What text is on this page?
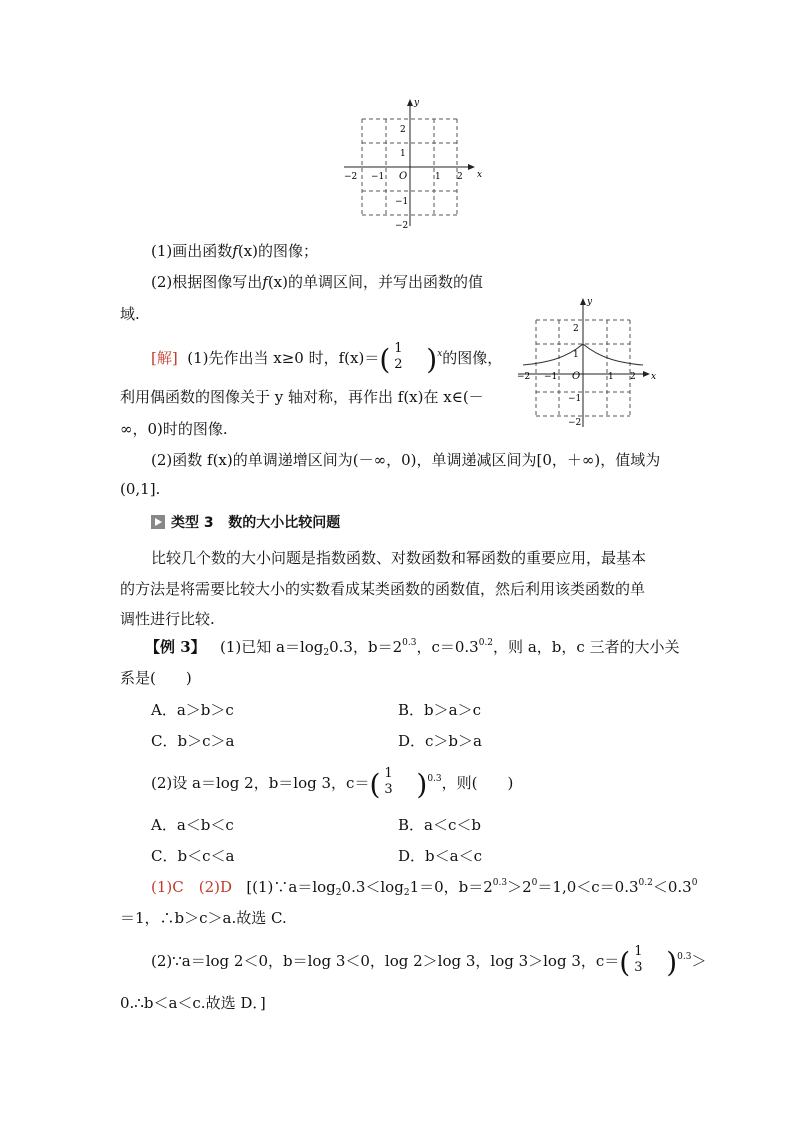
x
y
O
−2 −1	1 2
2
1
−1
−2
(1)画出函数f(x)的图像；
(2)根据图像写出f(x)的单调区间，并写出函数的值
域.
[解] (1)先作出当 x≥0 时，f(x)＝( 1
2 )$^x$的图像，
利用偶函数的图像关于 y 轴对称，再作出 f(x)在 x∈(－
∞，0)时的图像.
(2)函数 f(x)的单调递增区间为(－∞，0)，单调递减区间为[0，＋∞)，值域为
(0,1].
x
y
O
−2 −1	1 2
2
1
−1
−2
类型 3 数的大小比较问题
比较几个数的大小问题是指数函数、对数函数和幂函数的重要应用，最基本
的方法是将需要比较大小的实数看成某类函数的函数值，然后利用该类函数的单
调性进行比较.
【例 3】 (1)已知 $a=\log_20.3$，$b=2^{0.3}$，$c=0.3^{0.2}$，则 a，b，c 三者的大小关
系是(　　)
A．a＞b＞c	B．b＞a＞c
C．b＞c＞a	D．c＞b＞a
(2)设 a＝log 2，b＝log 3，c＝( 1
3 )$^{0.3}$，则(　　)
A．a＜b＜c	B．a＜c＜b
C．b＜c＜a	D．b＜a＜c
(1)C　(2)D [$(1)\because a=\log_20.3<\log_21=0$，$b=2^{0.3}>2^0=1,0<c=0.3^{0.2}<0.3^0$
＝1，∴b＞c＞a.故选 C.
(2)∵a＝log 2＜0，b＝log 3＜0，log 2＞log 3，log 3＞log 3，c＝( 1
3 )$^{0.3}$＞
0.∴b＜a＜c.故选 D．]
